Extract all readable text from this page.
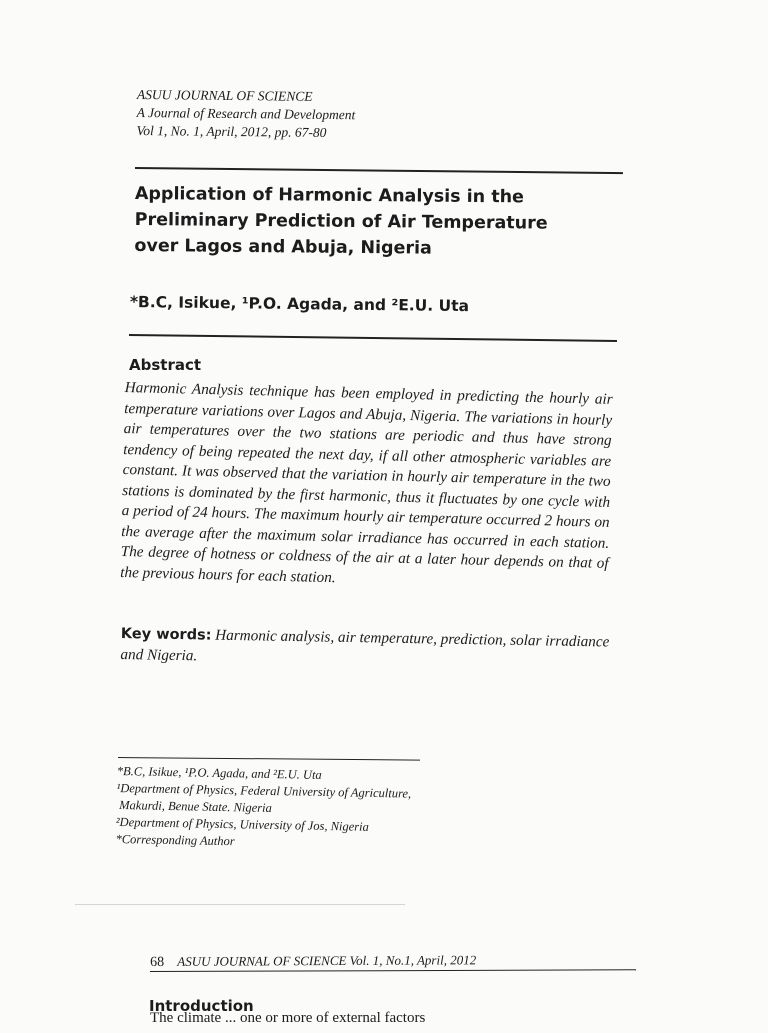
ASUU JOURNAL OF SCIENCE
A Journal of Research and Development
Vol 1, No. 1, April, 2012, pp. 67-80
Application of Harmonic Analysis in the
Preliminary Prediction of Air Temperature
over Lagos and Abuja, Nigeria
*B.C, Isikue, ¹P.O. Agada, and ²E.U. Uta
Abstract
Harmonic Analysis technique has been employed in predicting the hourly air temperature variations over Lagos and Abuja, Nigeria. The variations in hourly air temperatures over the two stations are periodic and thus have strong tendency of being repeated the next day, if all other atmospheric variables are constant. It was observed that the variation in hourly air temperature in the two stations is dominated by the first harmonic, thus it fluctuates by one cycle with a period of 24 hours. The maximum hourly air temperature occurred 2 hours on the average after the maximum solar irradiance has occurred in each station. The degree of hotness or coldness of the air at a later hour depends on that of the previous hours for each station.
Key words: Harmonic analysis, air temperature, prediction, solar irradiance and Nigeria.
*B.C, Isikue, ¹P.O. Agada, and ²E.U. Uta
¹Department of Physics, Federal University of Agriculture,
Makurdi, Benue State. Nigeria
²Department of Physics, University of Jos, Nigeria
*Corresponding Author
68 ASUU JOURNAL OF SCIENCE Vol. 1, No.1, April, 2012
Introduction
The climate ... one or more of external factors
